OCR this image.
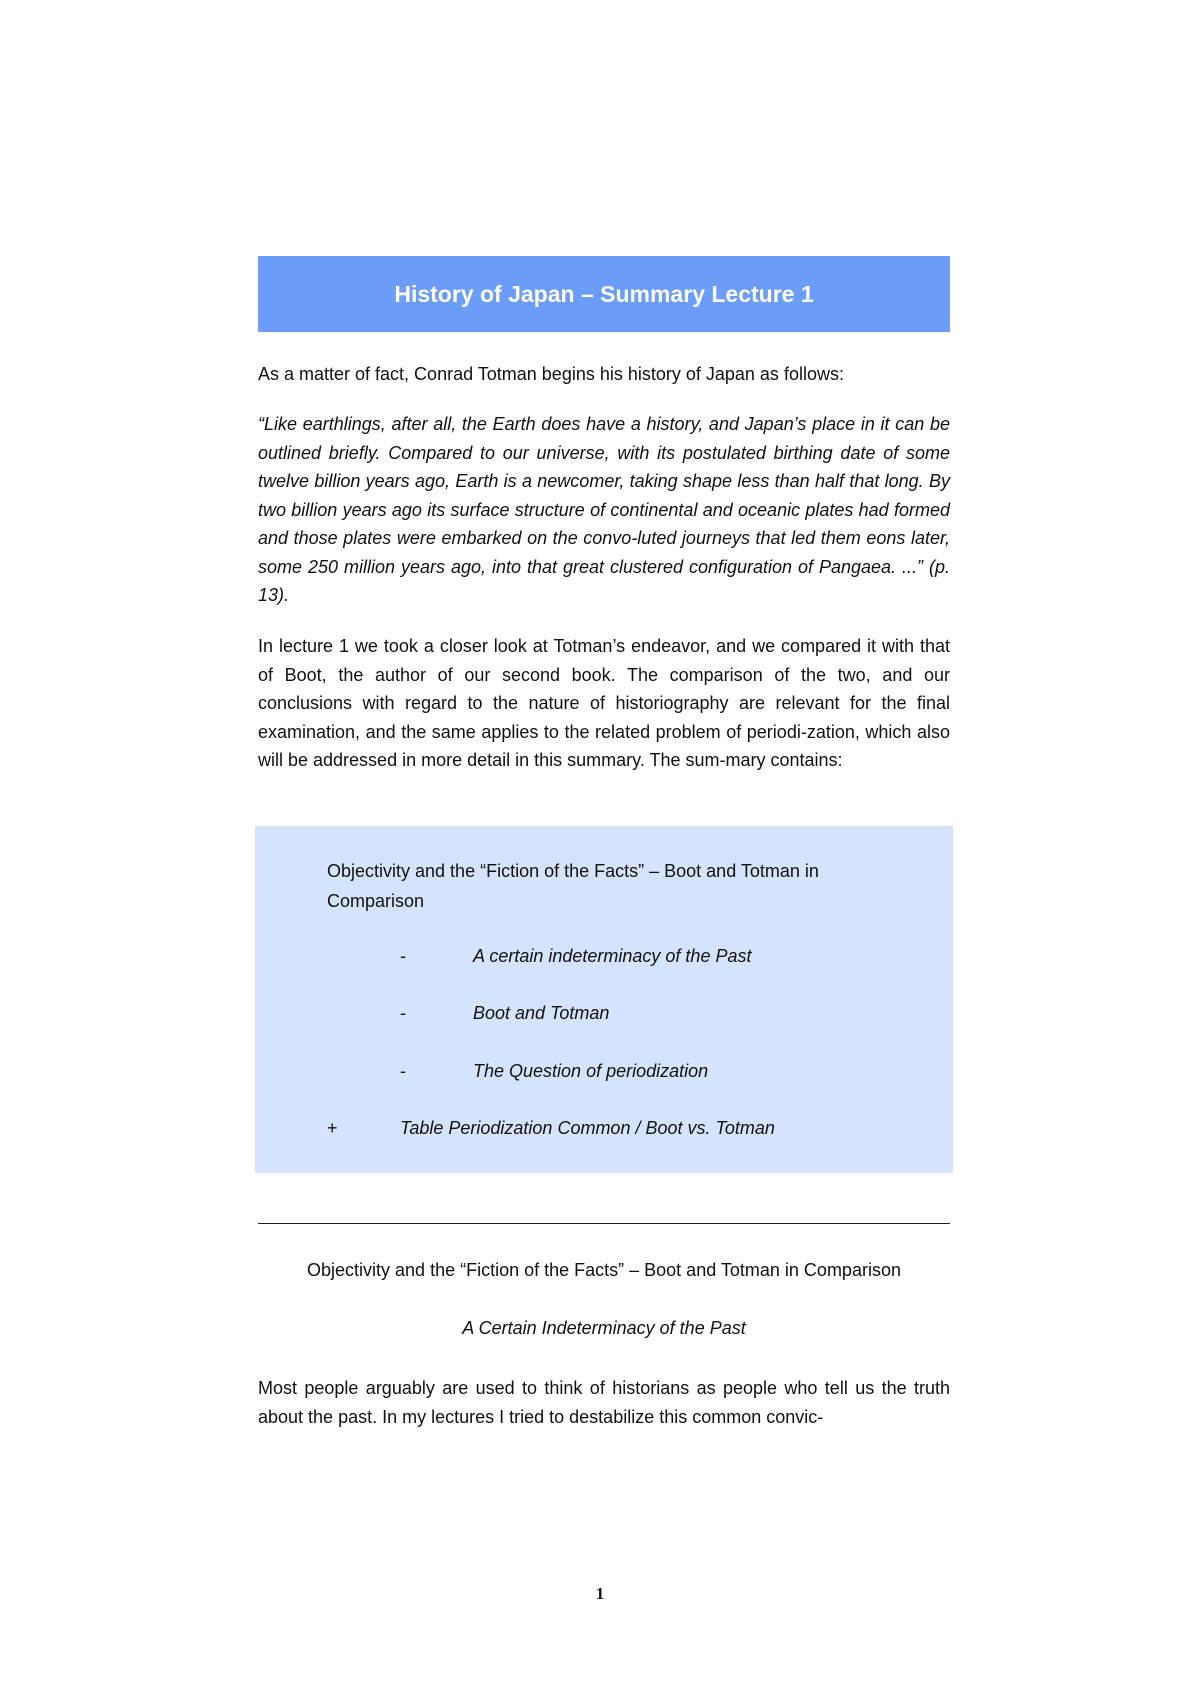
History of Japan – Summary Lecture 1

As a matter of fact, Conrad Totman begins his history of Japan as follows:

“Like earthlings, after all, the Earth does have a history, and Japan’s place in it can be outlined briefly. Compared to our universe, with its postulated birthing date of some twelve billion years ago, Earth is a newcomer, taking shape less than half that long. By two billion years ago its surface structure of continental and oceanic plates had formed and those plates were embarked on the convo-luted journeys that led them eons later, some 250 million years ago, into that great clustered configuration of Pangaea. ...” (p. 13).

In lecture 1 we took a closer look at Totman’s endeavor, and we compared it with that of Boot, the author of our second book. The comparison of the two, and our conclusions with regard to the nature of historiography are relevant for the final examination, and the same applies to the related problem of periodi-zation, which also will be addressed in more detail in this summary. The sum-mary contains:

Objectivity and the “Fiction of the Facts” – Boot and Totman in Comparison
-	A certain indeterminacy of the Past
-	Boot and Totman
-	The Question of periodization
+	Table Periodization Common / Boot vs. Totman
Objectivity and the “Fiction of the Facts” – Boot and Totman in Comparison
A Certain Indeterminacy of the Past

Most people arguably are used to think of historians as people who tell us the truth about the past. In my lectures I tried to destabilize this common convic-

1
